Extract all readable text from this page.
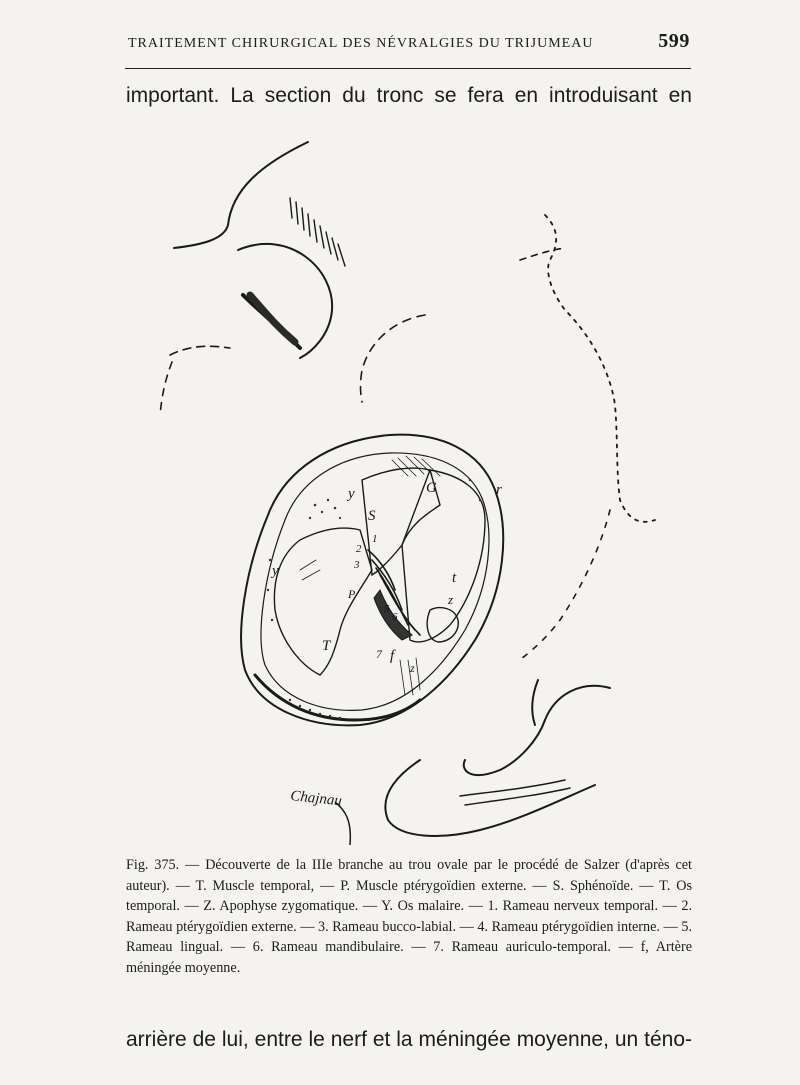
TRAITEMENT CHIRURGICAL DES NÉVRALGIES DU TRIJUMEAU	599
important. La section du tronc se fera en introduisant en
y
y
G	r
S
1
2
3
P
t
z
5
6
T	7 f
z
Chajnau
Fig. 375. — Découverte de la IIIe branche au trou ovale par le procédé de Salzer (d'après cet auteur). — T. Muscle temporal, — P. Muscle ptérygoïdien externe. — S. Sphénoïde. — T. Os temporal. — Z. Apophyse zygomatique. — Y. Os malaire. — 1. Rameau nerveux temporal. — 2. Rameau ptérygoïdien externe. — 3. Rameau bucco-labial. — 4. Rameau ptérygoïdien interne. — 5. Rameau lingual. — 6. Rameau mandibulaire. — 7. Rameau auriculo-temporal. — f, Artère méningée moyenne.
arrière de lui, entre le nerf et la méningée moyenne, un téno-
